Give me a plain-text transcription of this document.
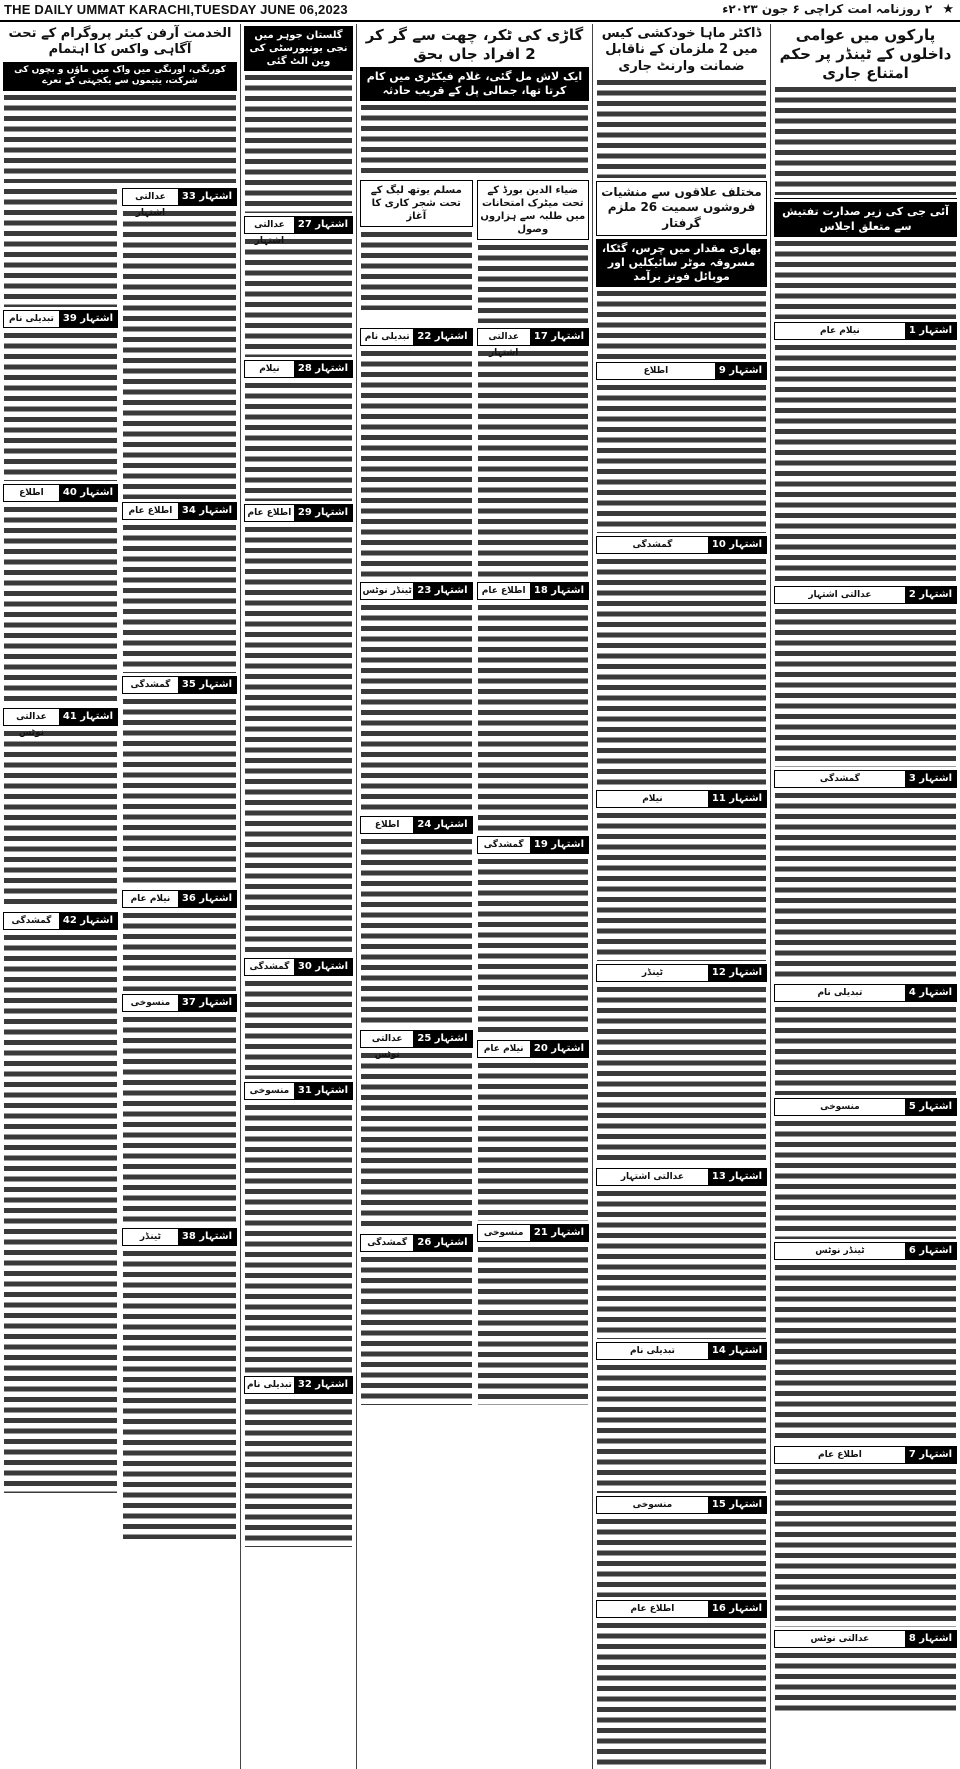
THE DAILY UMMAT KARACHI,TUESDAY JUNE 06,2023	★ ۲ روزنامہ امت کراچی ۶ جون ۲۰۲۳ء
پارکوں میں عوامی داخلوں کے ٹینڈر پر حکم امتناع جاری
آئی جی کی زیر صدارت تفتیش سے متعلق اجلاس
اشتہار 1
نیلام عام
اشتہار 2
عدالتی اشتہار
اشتہار 3
گمشدگی
اشتہار 4
تبدیلی نام
اشتہار 5
منسوخی
اشتہار 6
ٹینڈر نوٹس
اشتہار 7
اطلاع عام
اشتہار 8
عدالتی نوٹس
ڈاکٹر ماہا خودکشی کیس میں 2 ملزمان کے ناقابل ضمانت وارنٹ جاری
مختلف علاقوں سے منشیات فروشوں سمیت 26 ملزم گرفتار
بھاری مقدار میں چرس، گٹکا، مسروقہ موٹر سائیکلیں اور موبائل فونز برآمد
اشتہار 9
اطلاع
اشتہار 10
گمشدگی
اشتہار 11
نیلام
اشتہار 12
ٹینڈر
اشتہار 13
عدالتی اشتہار
اشتہار 14
تبدیلی نام
اشتہار 15
منسوخی
اشتہار 16
اطلاع عام
گاڑی کی ٹکر، چھت سے گر کر 2 افراد جاں بحق
ایک لاش مل گئی، غلام فیکٹری میں کام کرتا تھا، جمالی پل کے قریب حادثہ
ضیاء الدین بورڈ کے تحت میٹرک امتحانات میں طلبہ سے ہزاروں وصول
مسلم یوتھ لیگ کے تحت شجر کاری کا آغاز
اشتہار 17
عدالتی اشتہار
اشتہار 18
اطلاع عام
اشتہار 19
گمشدگی
اشتہار 20
نیلام عام
اشتہار 21
منسوخی
اشتہار 22
تبدیلی نام
اشتہار 23
ٹینڈر نوٹس
اشتہار 24
اطلاع
اشتہار 25
عدالتی نوٹس
اشتہار 26
گمشدگی
گلستان جوہر میں نجی یونیورسٹی کی وین الٹ گئی
اشتہار 27
عدالتی اشتہار
اشتہار 28
نیلام
اشتہار 29
اطلاع عام
اشتہار 30
گمشدگی
اشتہار 31
منسوخی
اشتہار 32
تبدیلی نام
الخدمت آرفن کیئر پروگرام کے تحت آگاہی واکس کا اہتمام
کورنگی، اورنگی میں واک میں ماؤں و بچوں کی شرکت، یتیموں سے یکجہتی کے نعرے
اشتہار 33
عدالتی اشتہار
اشتہار 34
اطلاع عام
اشتہار 35
گمشدگی
اشتہار 36
نیلام عام
اشتہار 37
منسوخی
اشتہار 38
ٹینڈر
اشتہار 39
تبدیلی نام
اشتہار 40
اطلاع
اشتہار 41
عدالتی نوٹس
اشتہار 42
گمشدگی
